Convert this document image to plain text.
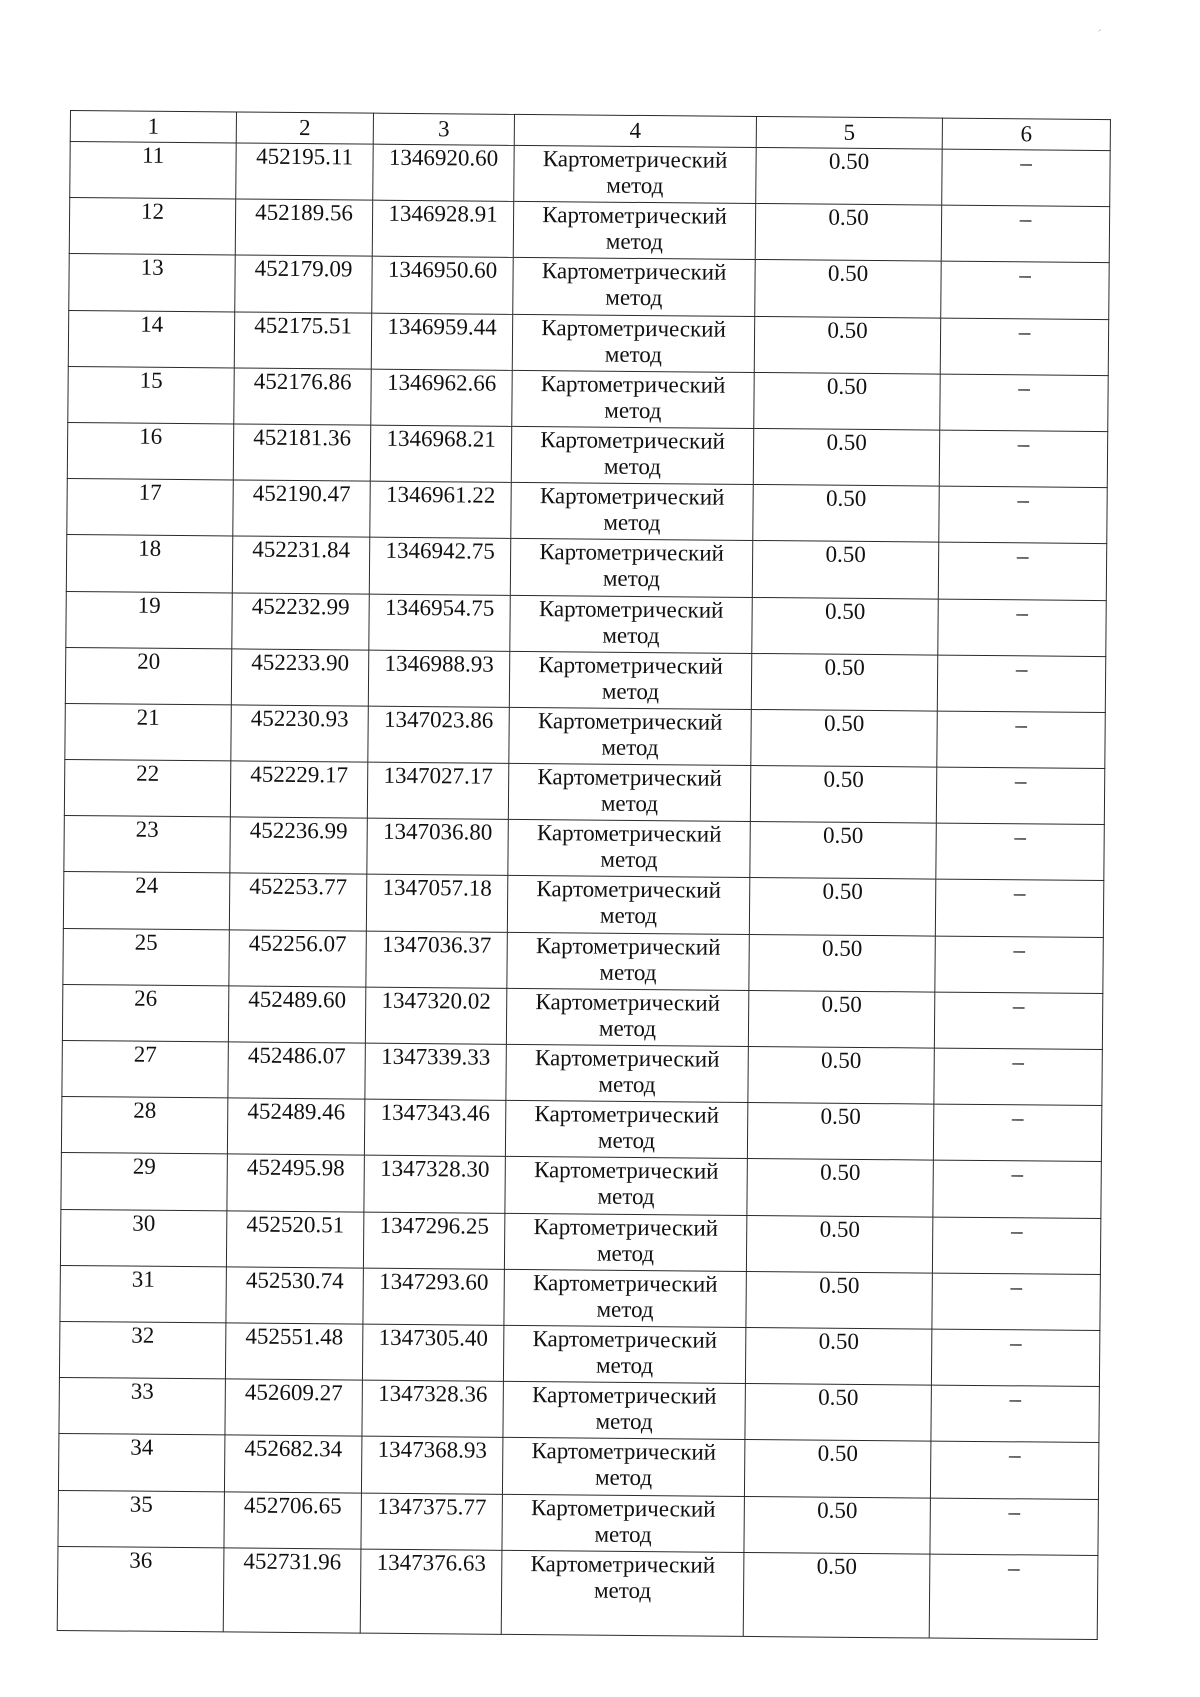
´
1	2	3	4	5	6
11	452195.11	1346920.60	Картометрический
метод	0.50	–
12	452189.56	1346928.91	Картометрический
метод	0.50	–
13	452179.09	1346950.60	Картометрический
метод	0.50	–
14	452175.51	1346959.44	Картометрический
метод	0.50	–
15	452176.86	1346962.66	Картометрический
метод	0.50	–
16	452181.36	1346968.21	Картометрический
метод	0.50	–
17	452190.47	1346961.22	Картометрический
метод	0.50	–
18	452231.84	1346942.75	Картометрический
метод	0.50	–
19	452232.99	1346954.75	Картометрический
метод	0.50	–
20	452233.90	1346988.93	Картометрический
метод	0.50	–
21	452230.93	1347023.86	Картометрический
метод	0.50	–
22	452229.17	1347027.17	Картометрический
метод	0.50	–
23	452236.99	1347036.80	Картометрический
метод	0.50	–
24	452253.77	1347057.18	Картометрический
метод	0.50	–
25	452256.07	1347036.37	Картометрический
метод	0.50	–
26	452489.60	1347320.02	Картометрический
метод	0.50	–
27	452486.07	1347339.33	Картометрический
метод	0.50	–
28	452489.46	1347343.46	Картометрический
метод	0.50	–
29	452495.98	1347328.30	Картометрический
метод	0.50	–
30	452520.51	1347296.25	Картометрический
метод	0.50	–
31	452530.74	1347293.60	Картометрический
метод	0.50	–
32	452551.48	1347305.40	Картометрический
метод	0.50	–
33	452609.27	1347328.36	Картометрический
метод	0.50	–
34	452682.34	1347368.93	Картометрический
метод	0.50	–
35	452706.65	1347375.77	Картометрический
метод	0.50	–
36	452731.96	1347376.63	Картометрический
метод	0.50	–
